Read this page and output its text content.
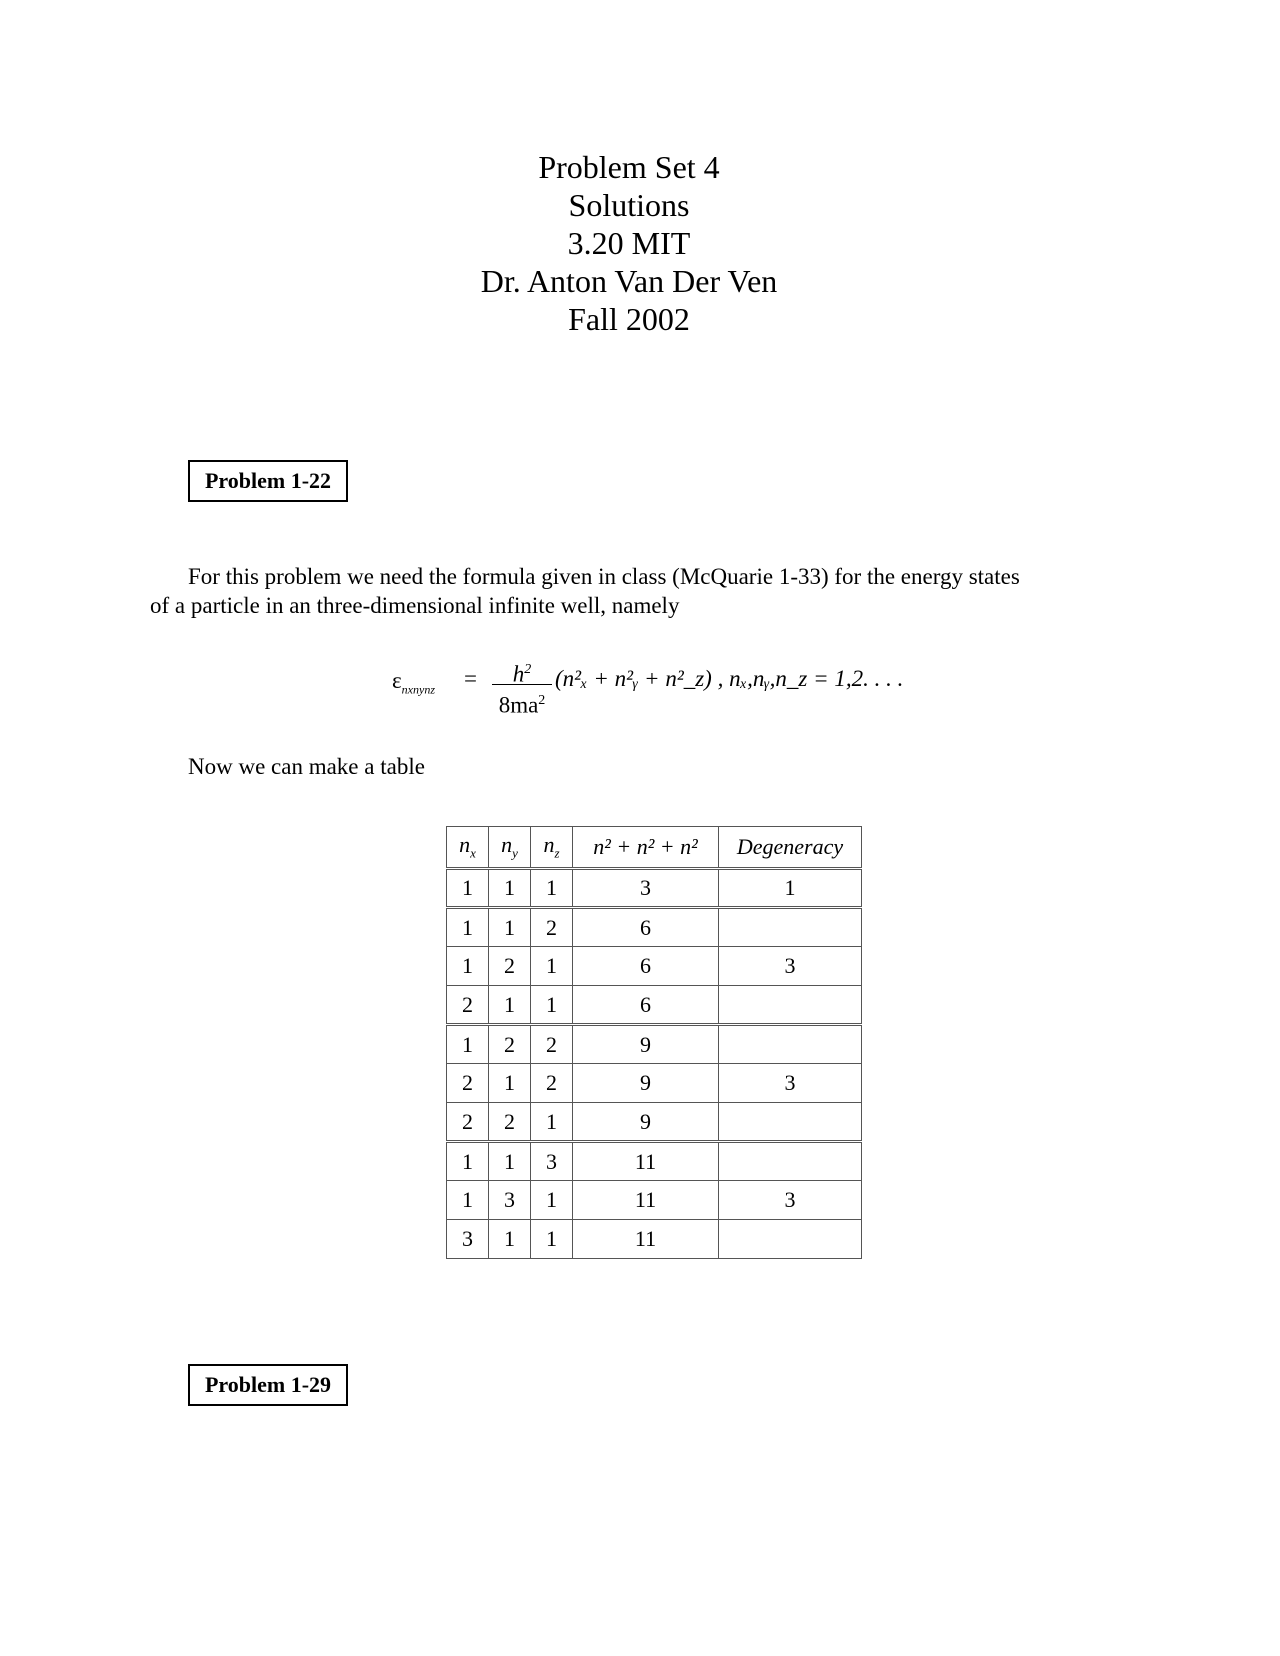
Problem Set 4
Solutions
3.20 MIT
Dr. Anton Van Der Ven
Fall 2002
Problem 1-22
For this problem we need the formula given in class (McQuarie 1-33) for the energy states
of a particle in an three-dimensional infinite well, namely
$\varepsilon_{nxnynz}$ =	$h^2$
$8ma^2$
(n²ₓ + n²ᵧ + n²_z) , nₓ,nᵧ,n_z = 1,2. . . .
Now we can make a table
$n_x$	$n_y$	$n_z$	n² + n² + n²	Degeneracy
1	1	1	3	1
1	1	2	6	
1	2	1	6	3
2	1	1	6	
1	2	2	9	
2	1	2	9	3
2	2	1	9	
1	1	3	11	
1	3	1	11	3
3	1	1	11	
Problem 1-29
